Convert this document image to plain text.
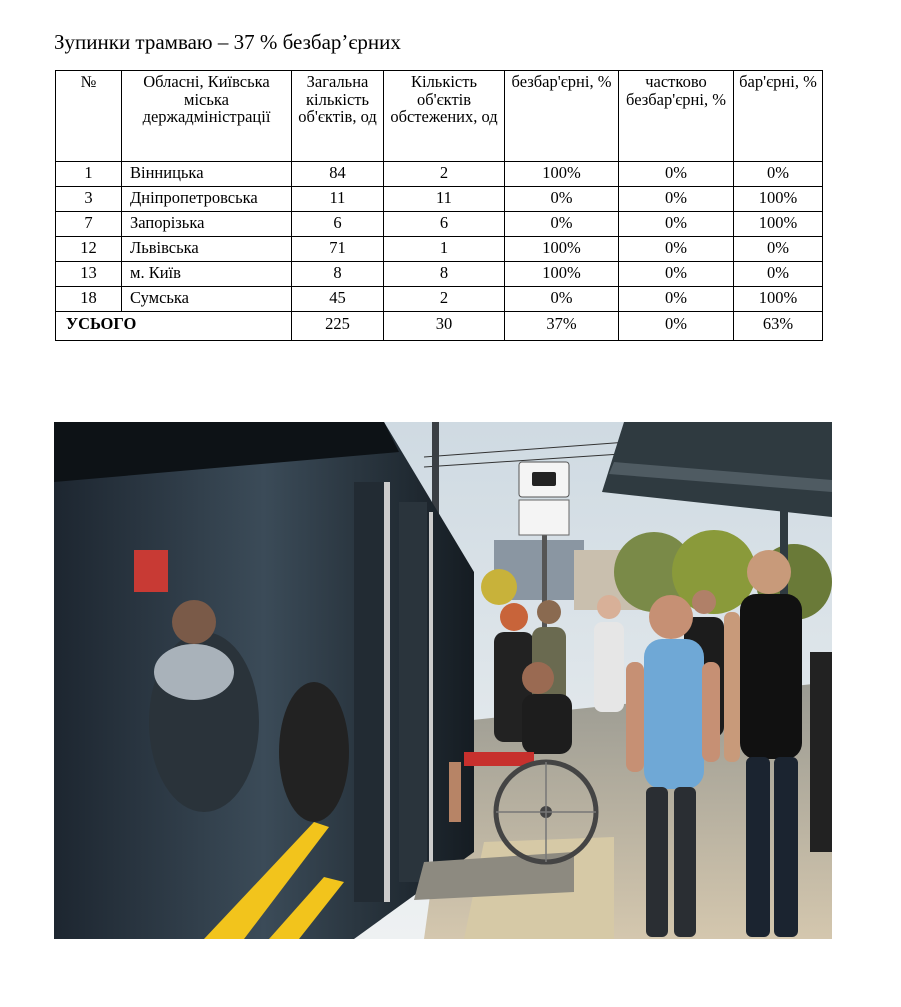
Зупинки трамваю – 37 % безбар’єрних
№	Обласні, Київська міська держадміністрації	Загальна кількість об'єктів, од	Кількість об'єктів обстежених, од	безбар'єрні, %	частково безбар'єрні, %	бар'єрні, %
1	Вінницька	84	2	100%	0%	0%
3	Дніпропетровська	11	11	0%	0%	100%
7	Запорізька	6	6	0%	0%	100%
12	Львівська	71	1	100%	0%	0%
13	м. Київ	8	8	100%	0%	0%
18	Сумська	45	2	0%	0%	100%
УСЬОГО		225	30	37%	0%	63%
